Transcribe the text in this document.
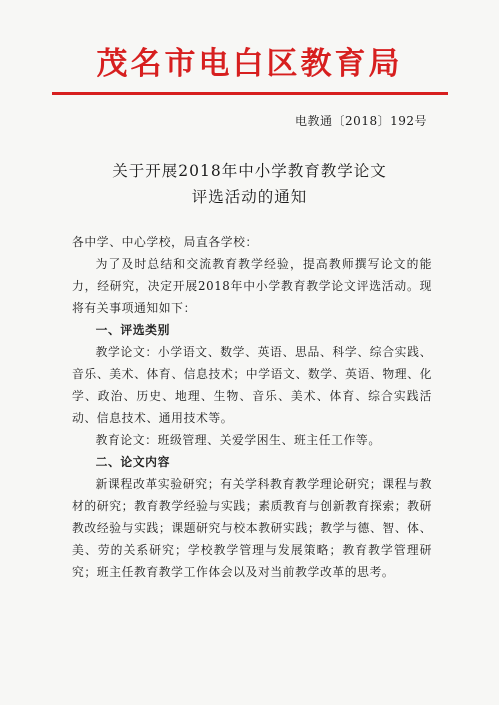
茂名市电白区教育局
电教通〔2018〕192号
关于开展2018年中小学教育教学论文
评选活动的通知

各中学、中心学校，局直各学校：

为了及时总结和交流教育教学经验，提高教师撰写论文的能力，经研究，决定开展2018年中小学教育教学论文评选活动。现将有关事项通知如下：

一、评选类别

教学论文：小学语文、数学、英语、思品、科学、综合实践、音乐、美术、体育、信息技术；中学语文、数学、英语、物理、化学、政治、历史、地理、生物、音乐、美术、体育、综合实践活动、信息技术、通用技术等。

教育论文：班级管理、关爱学困生、班主任工作等。

二、论文内容

新课程改革实验研究；有关学科教育教学理论研究；课程与教材的研究；教育教学经验与实践；素质教育与创新教育探索；教研教改经验与实践；课题研究与校本教研实践；教学与德、智、体、美、劳的关系研究；学校教学管理与发展策略；教育教学管理研究；班主任教育教学工作体会以及对当前教学改革的思考。
